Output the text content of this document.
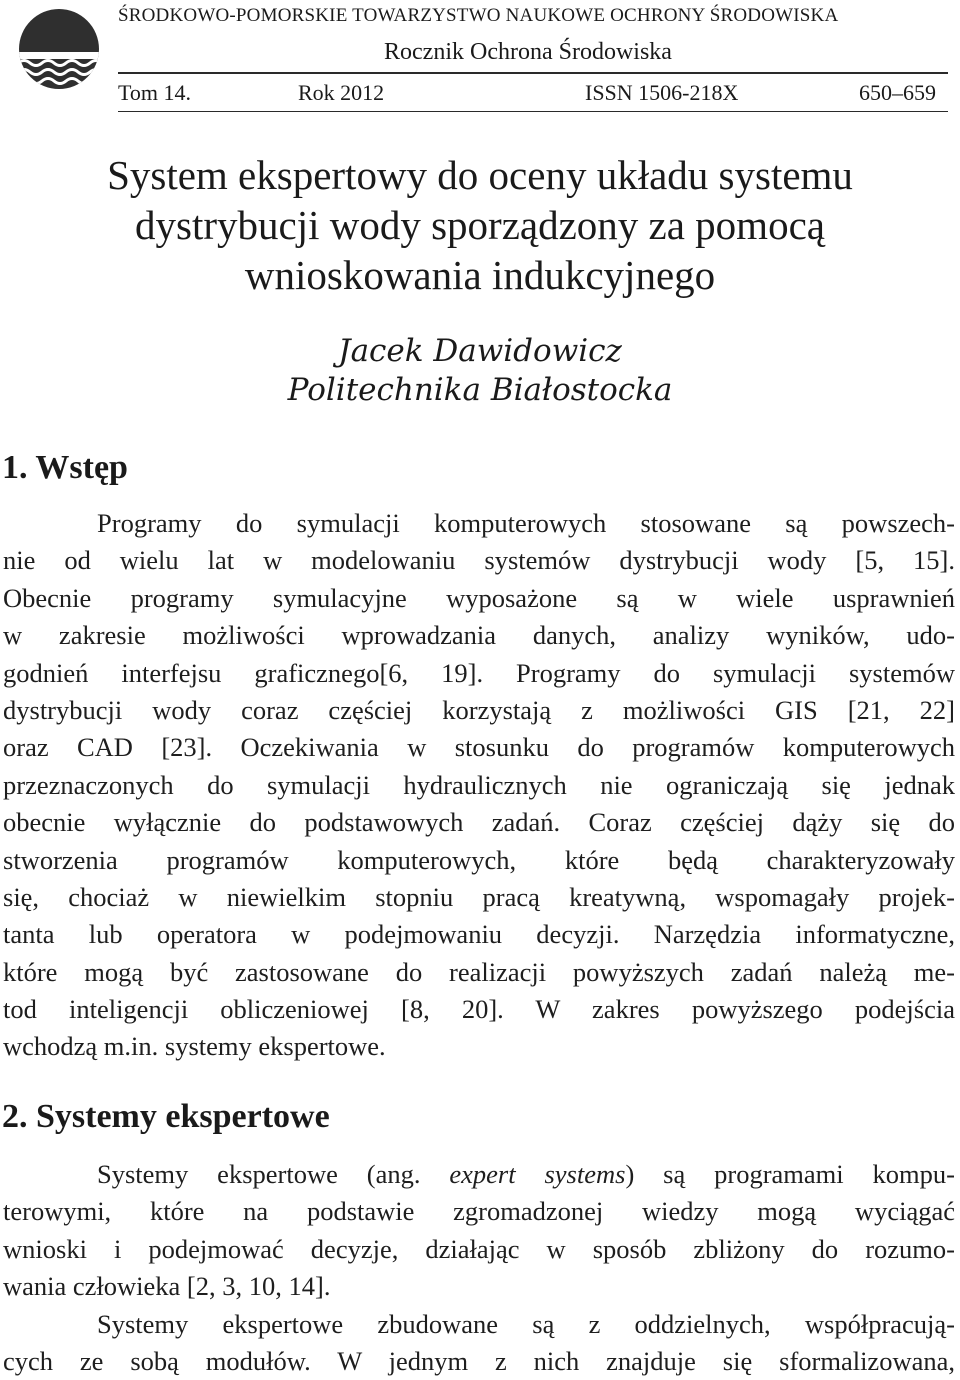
ŚRODKOWO-POMORSKIE TOWARZYSTWO NAUKOWE OCHRONY ŚRODOWISKA
Rocznik Ochrona Środowiska
Tom 14.	Rok 2012	ISSN 1506-218X	650–659
System ekspertowy do oceny układu systemu
dystrybucji wody sporządzony za pomocą
wnioskowania indukcyjnego
Jacek Dawidowicz
Politechnika Białostocka
1. Wstęp
Programy do symulacji komputerowych stosowane są powszech-
nie od wielu lat w modelowaniu systemów dystrybucji wody [5, 15].
Obecnie programy symulacyjne wyposażone są w wiele usprawnień
w zakresie możliwości wprowadzania danych, analizy wyników, udo-
godnień interfejsu graficznego[6, 19]. Programy do symulacji systemów
dystrybucji wody coraz częściej korzystają z możliwości GIS [21, 22]
oraz CAD [23]. Oczekiwania w stosunku do programów komputerowych
przeznaczonych do symulacji hydraulicznych nie ograniczają się jednak
obecnie wyłącznie do podstawowych zadań. Coraz częściej dąży się do
stworzenia programów komputerowych, które będą charakteryzowały
się, chociaż w niewielkim stopniu pracą kreatywną, wspomagały projek-
tanta lub operatora w podejmowaniu decyzji. Narzędzia informatyczne,
które mogą być zastosowane do realizacji powyższych zadań należą me-
tod inteligencji obliczeniowej [8, 20]. W zakres powyższego podejścia
wchodzą m.in. systemy ekspertowe.
2. Systemy ekspertowe
Systemy ekspertowe (ang. expert systems) są programami kompu-
terowymi, które na podstawie zgromadzonej wiedzy mogą wyciągać
wnioski i podejmować decyzje, działając w sposób zbliżony do rozumo-
wania człowieka [2, 3, 10, 14].
Systemy ekspertowe zbudowane są z oddzielnych, współpracują-
cych ze sobą modułów. W jednym z nich znajduje się sformalizowana,
